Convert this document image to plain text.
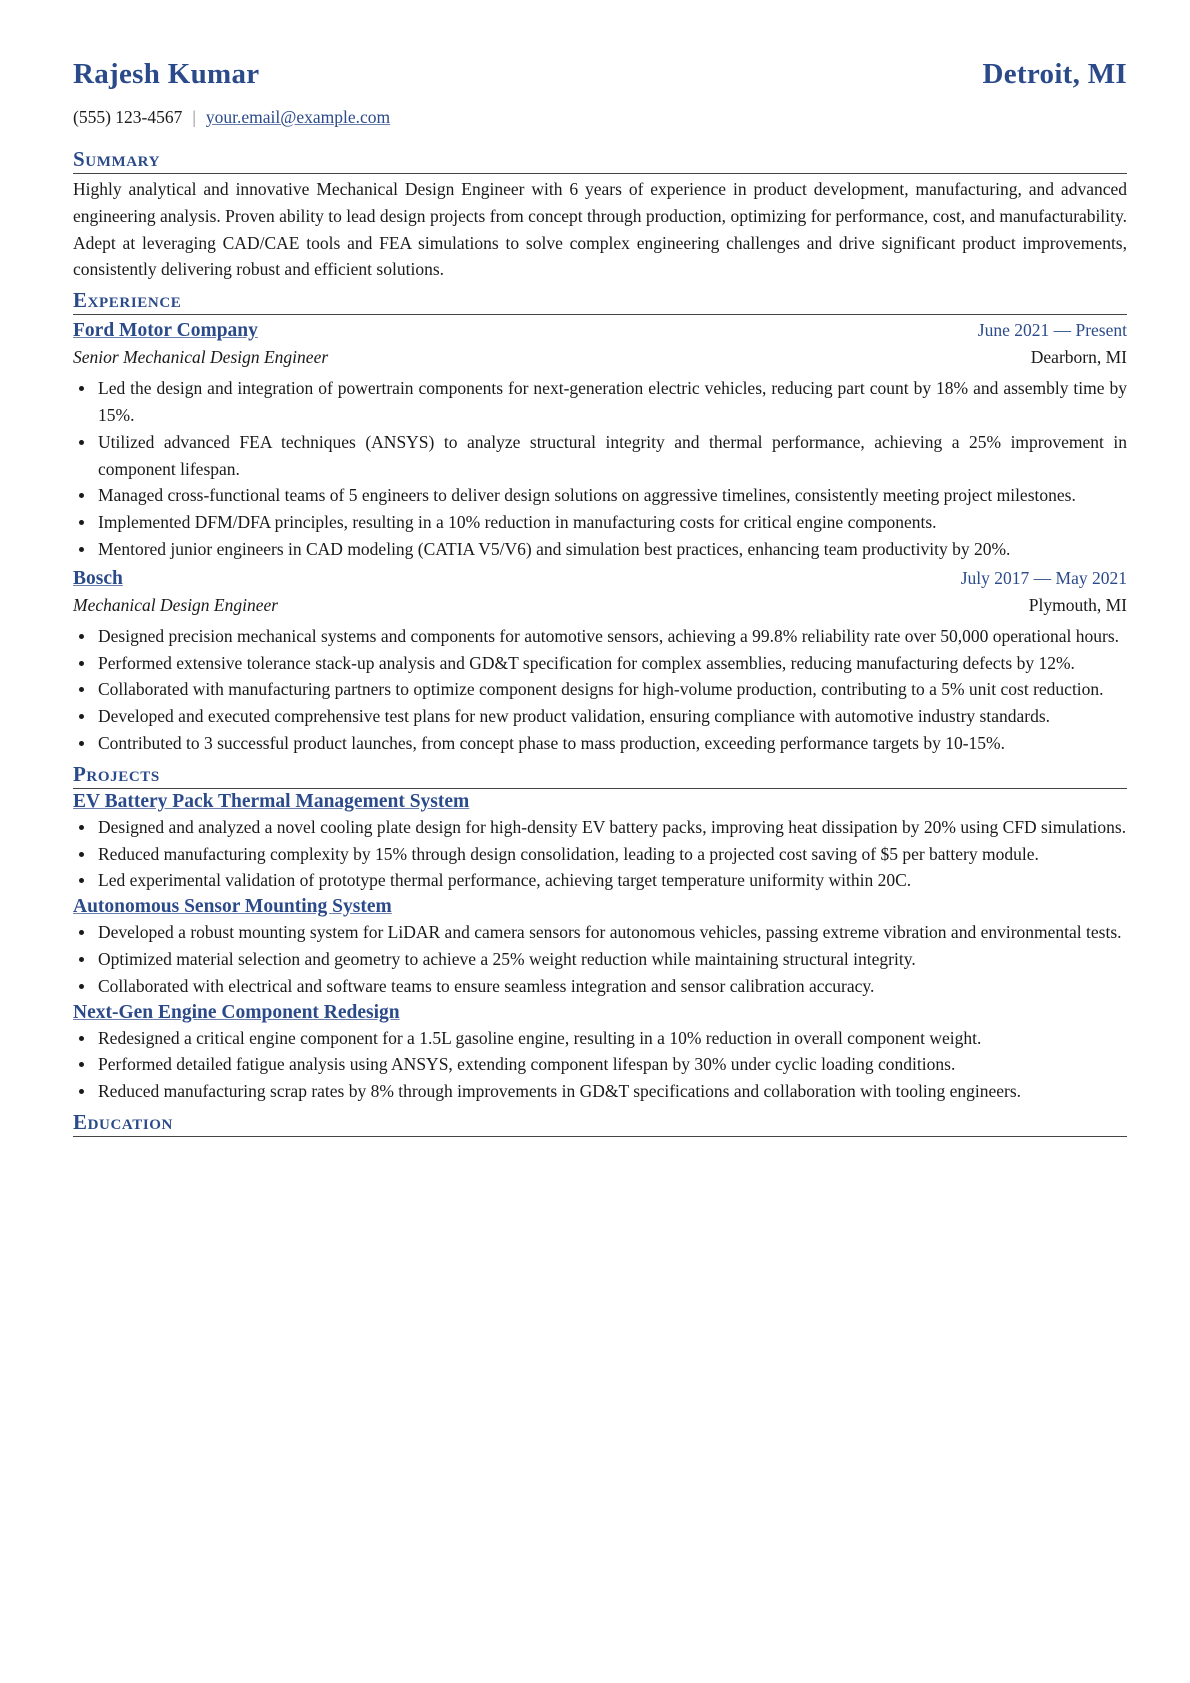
Rajesh Kumar	Detroit, MI
(555) 123-4567 | your.email@example.com
Summary
Highly analytical and innovative Mechanical Design Engineer with 6 years of experience in product development, manufacturing, and advanced engineering analysis. Proven ability to lead design projects from concept through production, optimizing for performance, cost, and manufacturability. Adept at leveraging CAD/CAE tools and FEA simulations to solve complex engineering challenges and drive significant product improvements, consistently delivering robust and efficient solutions.
Experience
Ford Motor Company	June 2021 — Present
Senior Mechanical Design Engineer	Dearborn, MI
Led the design and integration of powertrain components for next-generation electric vehicles, reducing part count by 18% and assembly time by 15%.
Utilized advanced FEA techniques (ANSYS) to analyze structural integrity and thermal performance, achieving a 25% improvement in component lifespan.
Managed cross-functional teams of 5 engineers to deliver design solutions on aggressive timelines, consistently meeting project milestones.
Implemented DFM/DFA principles, resulting in a 10% reduction in manufacturing costs for critical engine components.
Mentored junior engineers in CAD modeling (CATIA V5/V6) and simulation best practices, enhancing team productivity by 20%.
Bosch	July 2017 — May 2021
Mechanical Design Engineer	Plymouth, MI
Designed precision mechanical systems and components for automotive sensors, achieving a 99.8% reliability rate over 50,000 operational hours.
Performed extensive tolerance stack-up analysis and GD&T specification for complex assemblies, reducing manufacturing defects by 12%.
Collaborated with manufacturing partners to optimize component designs for high-volume production, contributing to a 5% unit cost reduction.
Developed and executed comprehensive test plans for new product validation, ensuring compliance with automotive industry standards.
Contributed to 3 successful product launches, from concept phase to mass production, exceeding performance targets by 10-15%.
Projects
EV Battery Pack Thermal Management System
Designed and analyzed a novel cooling plate design for high-density EV battery packs, improving heat dissipation by 20% using CFD simulations.
Reduced manufacturing complexity by 15% through design consolidation, leading to a projected cost saving of $5 per battery module.
Led experimental validation of prototype thermal performance, achieving target temperature uniformity within 20C.
Autonomous Sensor Mounting System
Developed a robust mounting system for LiDAR and camera sensors for autonomous vehicles, passing extreme vibration and environmental tests.
Optimized material selection and geometry to achieve a 25% weight reduction while maintaining structural integrity.
Collaborated with electrical and software teams to ensure seamless integration and sensor calibration accuracy.
Next-Gen Engine Component Redesign
Redesigned a critical engine component for a 1.5L gasoline engine, resulting in a 10% reduction in overall component weight.
Performed detailed fatigue analysis using ANSYS, extending component lifespan by 30% under cyclic loading conditions.
Reduced manufacturing scrap rates by 8% through improvements in GD&T specifications and collaboration with tooling engineers.
Education
